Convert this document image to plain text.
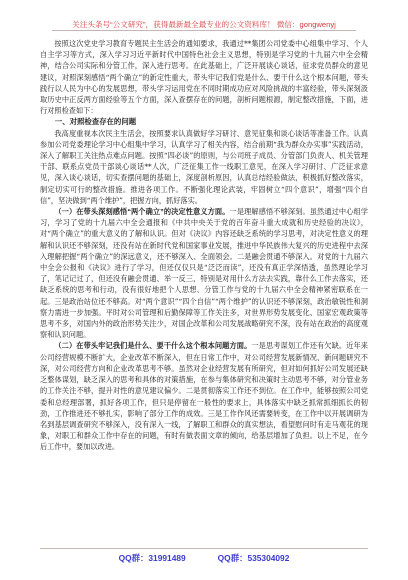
关注头条号“公文研究”，获得最新最全最专业的公文资料库！ 微信：gongwenyj

按照这次党史学习教育专题民主生活会的通知要求，我通过**集团公司党委中心组集中学习、个人自主学习等方式，深入学习习近平新时代中国特色社会主义思想，特别是学习党的十九届六中全会精神，结合公司实际和分管工作，深入进行思考。在此基础上，广泛开展谈心谈话，征求党员群众的意见建议，对照深刻感悟“两个确立”的新定性重大，带头牢记我们党是什么、要干什么这个根本问题，带头践行以人民为中心的发展思想，带头学习运用党在不同时期成功应对风险挑战的丰富经验，带头深刻汲取历史中正反两方面经验等五个方面，深入查摆存在的问题，剖析问题根源，制定整改措施，下面，进行对照检查如下：

一、对照检查存在的问题

我高度重视本次民主生活会，按照要求认真做好学习研讨、意见征集和谈心谈话等准备工作。认真参加公司党委理论学习中心组集中学习，认真学习了相关内容，结合前期“我为群众办实事”实践活动，深入了解职工关注热点难点问题。按照“四必谈”的原则，与公司班子成员、分管部门负责人、机关管理干部、联系点党员干部谈心谈话**人次，广泛征集工作一线职工意见，在深入学习研讨、广泛征求意见，深入谈心谈话，切实查摆问题的基础上，深度剖析原因，认真总结经验做法，积极抓好整改落实，制定切实可行的整改措施。推进各项工作。不断强化理论武装，牢固树立“四个意识”，增强“四个自信”，坚决做到“两个维护”，把握方向，抓好落实。

（一）在带头深刻感悟“两个确立”的决定性意义方面。一是理解感悟不够深刻。虽然通过中心组学习，学习了党的十九届六中全会通报和《中共中央关于党的百年奋斗重大成就和历史经验的决议》，对“两个确立”的重大意义的了解和认识。但对《决议》内容还缺乏系统的学习思考，对决定性意义的理解和认识还不够深刻，还没有站在新时代党和国家事业发展，推进中华民族伟大复兴的历史进程中去深入理解把握“两个确立”的深远意义，还不够深入、全面领会。二是融会贯通不够深入。对党的十九届六中全会公报和《决议》进行了学习，但还仅仅只是“泛泛而读”，还没有真正学深悟透，虽然理论学习了，笔记记过了，但还没有融会贯通、举一反三，特别是对用什么方法去实践，靠什么工作去落实，还缺乏系统的思考和行动，没有很好地把个人思想、分管工作与党的十九届六中全会精神紧密联系在一起。三是政治站位还不够高。对“两个意识”“四个自信”“两个维护”的认识还不够深刻，政治敏锐性和洞察力需进一步加强。平时对公司管理和后勤保障等工作关注多，对世界形势发展变化、国家宏观政策等思考不多，对国内外的政治形势关注少，对国企改革和公司发展战略研究不深，没有站在政治的高度观察和认识问题。

（二）在带头牢记我们是什么、要干什么这个根本问题方面。一是思考谋划工作还有欠缺。近年来公司经营规模不断扩大，企业改革不断深入，但在日常工作中，对公司经营发展新情况、新问题研究不深，对公司经营方向和企业改革思考不够。虽然对企业经营发展有所研究，但对如何抓好公司发展还缺乏整体谋划，缺乏深入的思考和具体的对策措施，在参与集体研究和决策时主动思考不够，对分管业务的工作关注不够，提升对性的意见建议偏少。二是贯彻落实工作还不到位。在工作中，能够按照公司党委和总经理部署，抓好各项工作，但只是停留在一般性的要求上，具体落实中缺乏抓常抓细抓长的韧劲，工作推进还不够扎实，影响了部分工作的成效。三是工作作风还需要转变，在工作中以开展调研为名到基层调查研究不够深入，没有深入一线，了解职工和群众的真实想法，看望慰问时有走马观花的现象，对职工和群众工作中存在的问题，有时有做表面文章的倾向，给基层增加了负担。以上不足，在今后工作中，要加以改进。

QQ群：31991489	QQ群：535304092
